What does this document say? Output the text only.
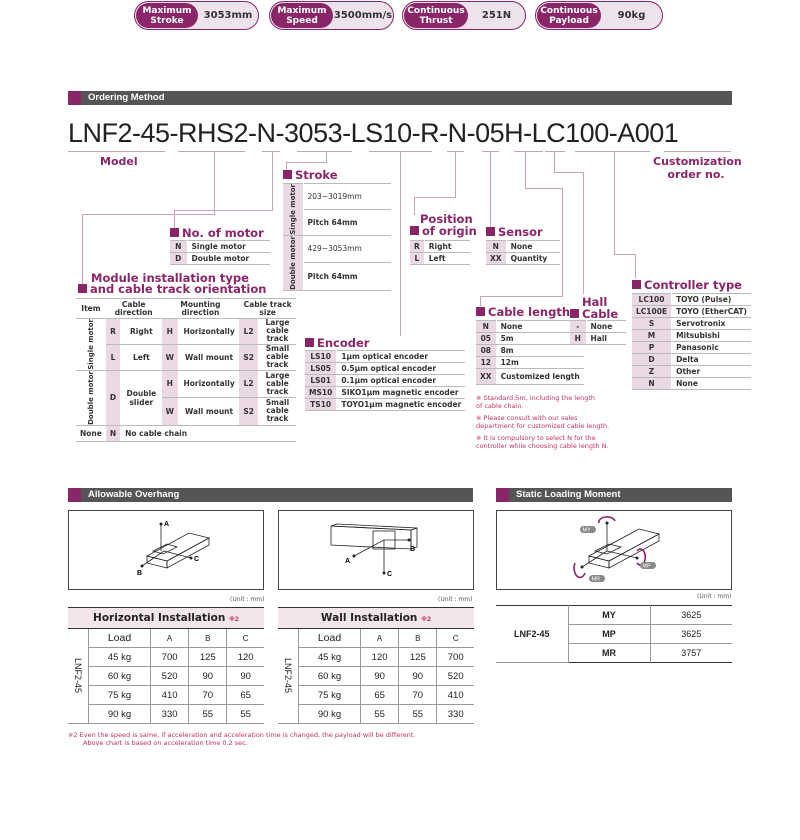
Maximum Stroke	3053mm	Maximum Speed	3500mm/s	Continuous Thrust	251N	Continuous Payload	90kg
Ordering Method
LNF2-45-RHS2-N-3053-LS10-R-N-05H-LC100-A001
Model	Customization order no.
Stroke
Single motor	203~3019mm
	Pitch 64mm

Double motor	429~3053mm
	Pitch 64mm
No. of motor
N	Single motor
D	Double motor
Position
of origin
R	Right
L	Left
Sensor
N	None
XX	Quantity
Module installation type
and cable track orientation
Item	Cable direction		Mounting direction		Cable track size	

Single motor	R	Right	H	Horizontally	L2	Large cable track
	L	Left	W	Wall mount	S2	Small cable track

Double motor	D	Double slider	H	Horizontally	L2	Large cable track
			W	Wall mount	S2	Small cable track
None	N	No cable chain				
Encoder
LS10	1μm optical encoder
LS05	0.5μm optical encoder
LS01	0.1μm optical encoder
MS10	SIKO1μm magnetic encoder
TS10	TOYO1μm magnetic encoder
Cable length
N	None
05	5m
08	8m
12	12m
XX	Customized length
※ Standard:5m, including the length of cable chain.
※ Please consult with our sales department for customized cable length.
※ It is compulsory to select N for the controller while choosing cable length N.
Hall
Cable
-	None
H	Hall
Controller type
LC100	TOYO (Pulse)
LC100E	TOYO (EtherCAT)
S	Servotronix
M	Mitsubishi
P	Panasonic
D	Delta
Z	Other
N	None
Allowable Overhang
A
C
B
B
A
C
(Unit : mm)	(Unit : mm)
Horizontal Installation ※2				

LNF2-45	Load	A	B	C
	45 kg	700	125	120
	60 kg	520	90	90
	75 kg	410	70	65
	90 kg	330	55	55
Wall Installation ※2				

LNF2-45	Load	A	B	C
	45 kg	120	125	700
	60 kg	90	90	520
	75 kg	65	70	410
	90 kg	55	55	330
※2 Even the speed is same, if acceleration and acceleration time is changed, the payload will be different.
Above chart is based on acceleration time 0.2 sec.
Static Loading Moment
MY
MP
MR
(Unit : mm)
LNF2-45	MY	3625
	MP	3625
	MR	3757
